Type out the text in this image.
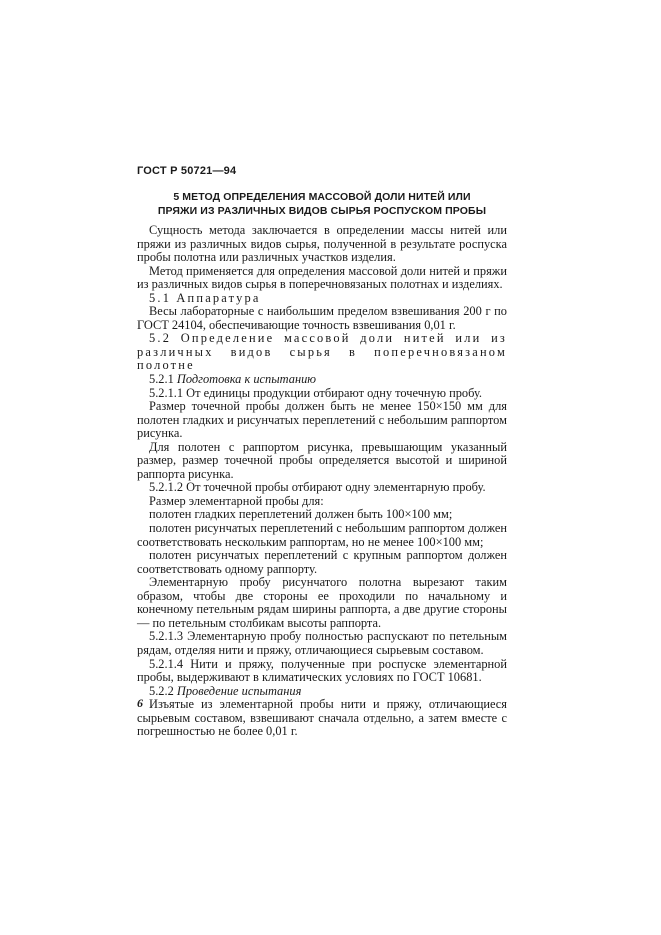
ГОСТ Р 50721—94
5 МЕТОД ОПРЕДЕЛЕНИЯ МАССОВОЙ ДОЛИ НИТЕЙ ИЛИ
ПРЯЖИ ИЗ РАЗЛИЧНЫХ ВИДОВ СЫРЬЯ РОСПУСКОМ ПРОБЫ

Сущность метода заключается в определении массы нитей или пряжи из различных видов сырья, полученной в результате роспуска пробы полотна или различных участков изделия.

Метод применяется для определения массовой доли нитей и пряжи из различных видов сырья в поперечновязаных полотнах и изделиях.

5.1 Аппаратура

Весы лабораторные с наибольшим пределом взвешивания 200 г по ГОСТ 24104, обеспечивающие точность взвешивания 0,01 г.

5.2 Определение массовой доли нитей или из различных видов сырья в поперечновязаном полотне

5.2.1 Подготовка к испытанию

5.2.1.1 От единицы продукции отбирают одну точечную пробу.

Размер точечной пробы должен быть не менее 150×150 мм для полотен гладких и рисунчатых переплетений с небольшим раппортом рисунка.

Для полотен с раппортом рисунка, превышающим указанный размер, размер точечной пробы определяется высотой и шириной раппорта рисунка.

5.2.1.2 От точечной пробы отбирают одну элементарную пробу.

Размер элементарной пробы для:

полотен гладких переплетений должен быть 100×100 мм;

полотен рисунчатых переплетений с небольшим раппортом должен соответствовать нескольким раппортам, но не менее 100×100 мм;

полотен рисунчатых переплетений с крупным раппортом должен соответствовать одному раппорту.

Элементарную пробу рисунчатого полотна вырезают таким образом, чтобы две стороны ее проходили по начальному и конечному петельным рядам ширины раппорта, а две другие стороны — по петельным столбикам высоты раппорта.

5.2.1.3 Элементарную пробу полностью распускают по петельным рядам, отделяя нити и пряжу, отличающиеся сырьевым составом.

5.2.1.4 Нити и пряжу, полученные при роспуске элементарной пробы, выдерживают в климатических условиях по ГОСТ 10681.

5.2.2 Проведение испытания

Изъятые из элементарной пробы нити и пряжу, отличающиеся сырьевым составом, взвешивают сначала отдельно, а затем вместе с погрешностью не более 0,01 г.

6
